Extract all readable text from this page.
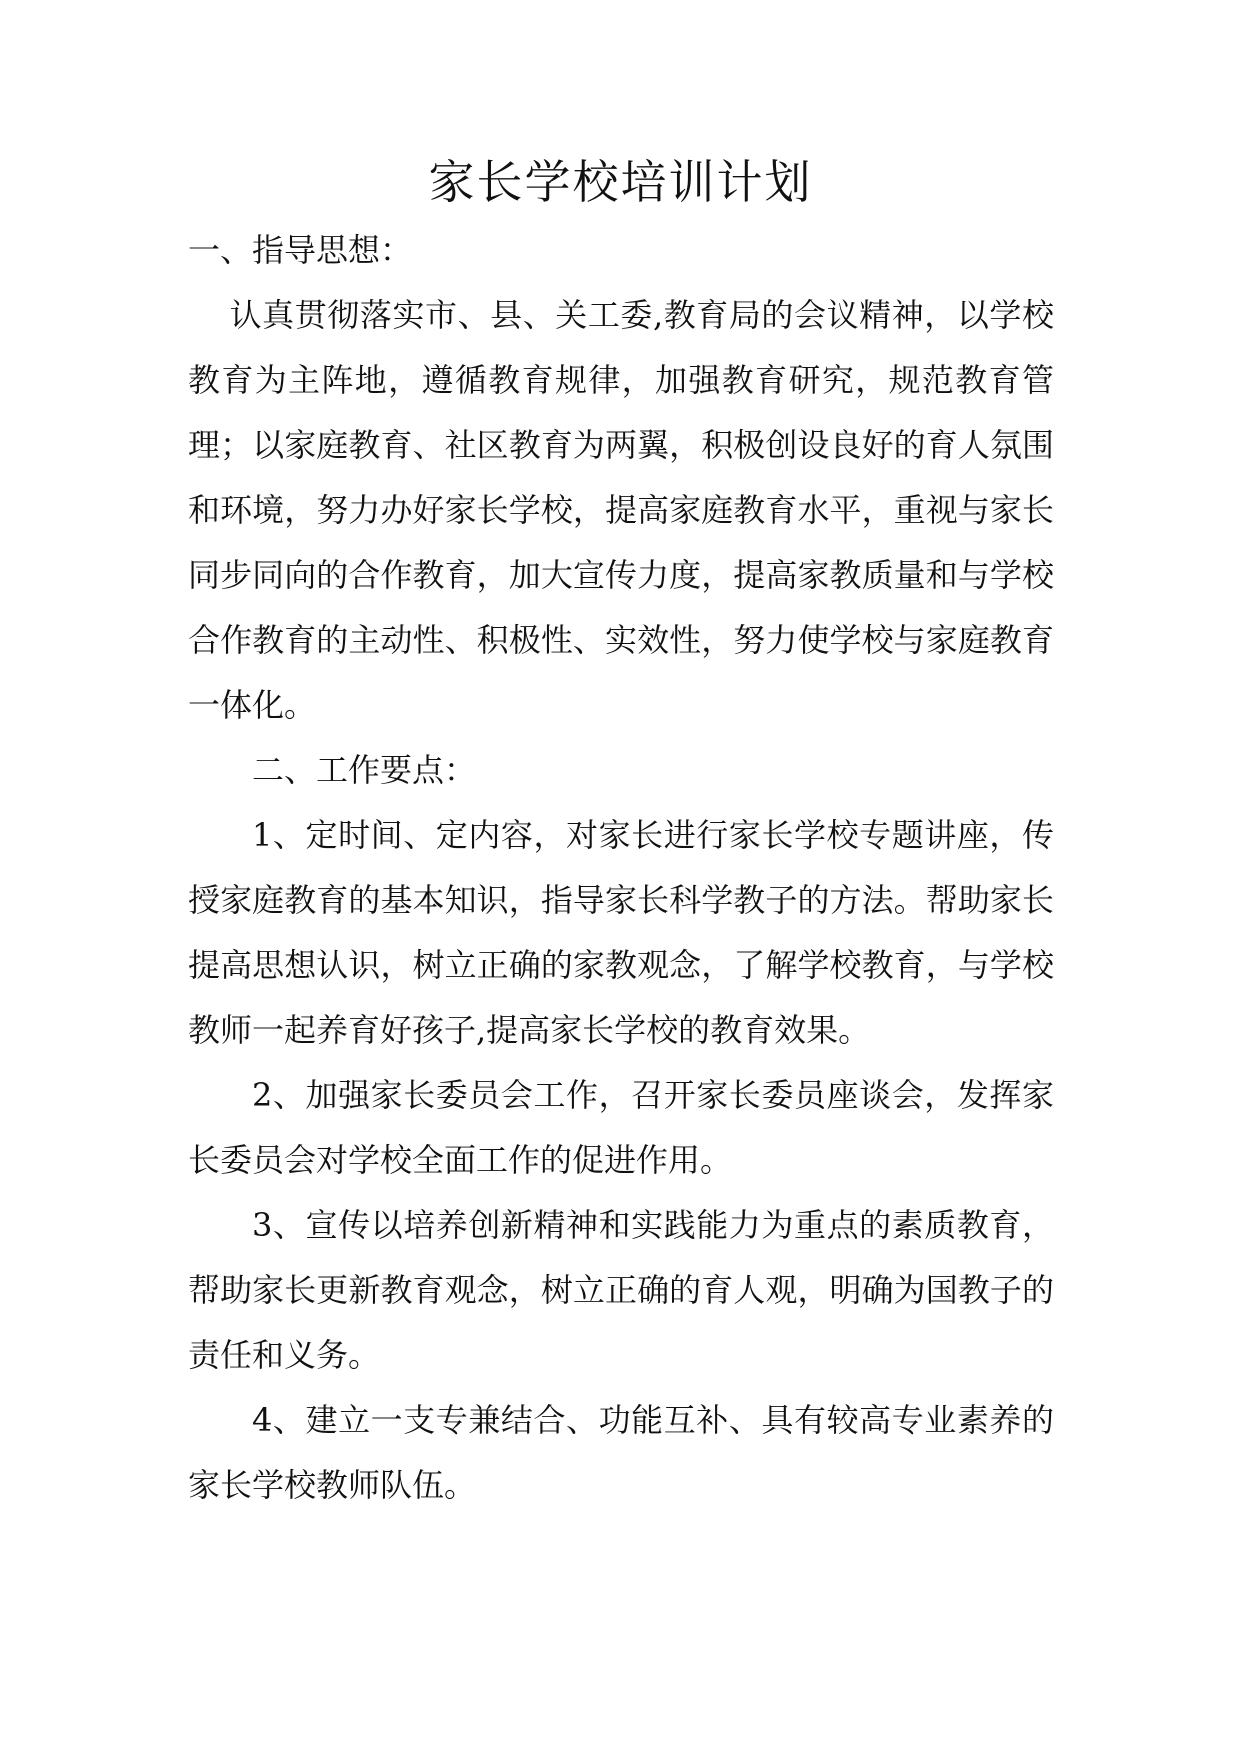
家长学校培训计划

一、指导思想：

认真贯彻落实市、县、关工委,教育局的会议精神，以学校教育为主阵地，遵循教育规律，加强教育研究，规范教育管理；以家庭教育、社区教育为两翼，积极创设良好的育人氛围和环境，努力办好家长学校，提高家庭教育水平，重视与家长同步同向的合作教育，加大宣传力度，提高家教质量和与学校合作教育的主动性、积极性、实效性，努力使学校与家庭教育一体化。

二、工作要点：

1、定时间、定内容，对家长进行家长学校专题讲座，传授家庭教育的基本知识，指导家长科学教子的方法。帮助家长提高思想认识，树立正确的家教观念，了解学校教育，与学校教师一起养育好孩子,提高家长学校的教育效果。

2、加强家长委员会工作，召开家长委员座谈会，发挥家长委员会对学校全面工作的促进作用。

3、宣传以培养创新精神和实践能力为重点的素质教育，帮助家长更新教育观念，树立正确的育人观，明确为国教子的责任和义务。

4、建立一支专兼结合、功能互补、具有较高专业素养的家长学校教师队伍。
